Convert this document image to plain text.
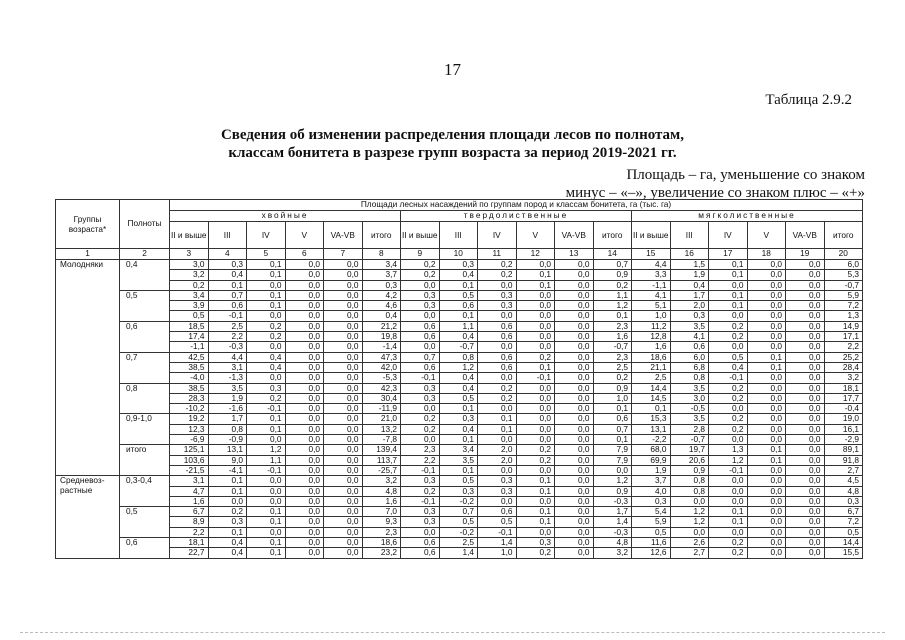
17
Таблица 2.9.2
Сведения об изменении распределения площади лесов по полнотам,
классам бонитета в разрезе групп возраста за период 2019-2021 гг.
Площадь – га, уменьшение со знаком
минус – «–», увеличение со знаком плюс – «+»
Группы возраста*	Полноты	Площади лесных насаждений по группам пород и классам бонитета, га (тыс. га)																	
		хвойные						твердолиственные						мягколиственные					
		II и выше	III	IV	V	VA-VB	итого	II и выше	III	IV	V	VA-VB	итого	II и выше	III	IV	V	VA-VB	итого
1	2	3	4	5	6	7	8	9	10	11	12	13	14	15	16	17	18	19	20
Молодняки	0,4	3,0	0,3	0,1	0,0	0,0	3,4	0,2	0,3	0,2	0,0	0,0	0,7	4,4	1,5	0,1	0,0	0,0	6,0
		3,2	0,4	0,1	0,0	0,0	3,7	0,2	0,4	0,2	0,1	0,0	0,9	3,3	1,9	0,1	0,0	0,0	5,3
		0,2	0,1	0,0	0,0	0,0	0,3	0,0	0,1	0,0	0,1	0,0	0,2	-1,1	0,4	0,0	0,0	0,0	-0,7
	0,5	3,4	0,7	0,1	0,0	0,0	4,2	0,3	0,5	0,3	0,0	0,0	1,1	4,1	1,7	0,1	0,0	0,0	5,9
		3,9	0,6	0,1	0,0	0,0	4,6	0,3	0,6	0,3	0,0	0,0	1,2	5,1	2,0	0,1	0,0	0,0	7,2
		0,5	-0,1	0,0	0,0	0,0	0,4	0,0	0,1	0,0	0,0	0,0	0,1	1,0	0,3	0,0	0,0	0,0	1,3
	0,6	18,5	2,5	0,2	0,0	0,0	21,2	0,6	1,1	0,6	0,0	0,0	2,3	11,2	3,5	0,2	0,0	0,0	14,9
		17,4	2,2	0,2	0,0	0,0	19,8	0,6	0,4	0,6	0,0	0,0	1,6	12,8	4,1	0,2	0,0	0,0	17,1
		-1,1	-0,3	0,0	0,0	0,0	-1,4	0,0	-0,7	0,0	0,0	0,0	-0,7	1,6	0,6	0,0	0,0	0,0	2,2
	0,7	42,5	4,4	0,4	0,0	0,0	47,3	0,7	0,8	0,6	0,2	0,0	2,3	18,6	6,0	0,5	0,1	0,0	25,2
		38,5	3,1	0,4	0,0	0,0	42,0	0,6	1,2	0,6	0,1	0,0	2,5	21,1	6,8	0,4	0,1	0,0	28,4
		-4,0	-1,3	0,0	0,0	0,0	-5,3	-0,1	0,4	0,0	-0,1	0,0	0,2	2,5	0,8	-0,1	0,0	0,0	3,2
	0,8	38,5	3,5	0,3	0,0	0,0	42,3	0,3	0,4	0,2	0,0	0,0	0,9	14,4	3,5	0,2	0,0	0,0	18,1
		28,3	1,9	0,2	0,0	0,0	30,4	0,3	0,5	0,2	0,0	0,0	1,0	14,5	3,0	0,2	0,0	0,0	17,7
		-10,2	-1,6	-0,1	0,0	0,0	-11,9	0,0	0,1	0,0	0,0	0,0	0,1	0,1	-0,5	0,0	0,0	0,0	-0,4
	0,9-1,0	19,2	1,7	0,1	0,0	0,0	21,0	0,2	0,3	0,1	0,0	0,0	0,6	15,3	3,5	0,2	0,0	0,0	19,0
		12,3	0,8	0,1	0,0	0,0	13,2	0,2	0,4	0,1	0,0	0,0	0,7	13,1	2,8	0,2	0,0	0,0	16,1
		-6,9	-0,9	0,0	0,0	0,0	-7,8	0,0	0,1	0,0	0,0	0,0	0,1	-2,2	-0,7	0,0	0,0	0,0	-2,9
	итого	125,1	13,1	1,2	0,0	0,0	139,4	2,3	3,4	2,0	0,2	0,0	7,9	68,0	19,7	1,3	0,1	0,0	89,1
		103,6	9,0	1,1	0,0	0,0	113,7	2,2	3,5	2,0	0,2	0,0	7,9	69,9	20,6	1,2	0,1	0,0	91,8
		-21,5	-4,1	-0,1	0,0	0,0	-25,7	-0,1	0,1	0,0	0,0	0,0	0,0	1,9	0,9	-0,1	0,0	0,0	2,7
Средневоз-растные	0,3-0,4	3,1	0,1	0,0	0,0	0,0	3,2	0,3	0,5	0,3	0,1	0,0	1,2	3,7	0,8	0,0	0,0	0,0	4,5
		4,7	0,1	0,0	0,0	0,0	4,8	0,2	0,3	0,3	0,1	0,0	0,9	4,0	0,8	0,0	0,0	0,0	4,8
		1,6	0,0	0,0	0,0	0,0	1,6	-0,1	-0,2	0,0	0,0	0,0	-0,3	0,3	0,0	0,0	0,0	0,0	0,3
	0,5	6,7	0,2	0,1	0,0	0,0	7,0	0,3	0,7	0,6	0,1	0,0	1,7	5,4	1,2	0,1	0,0	0,0	6,7
		8,9	0,3	0,1	0,0	0,0	9,3	0,3	0,5	0,5	0,1	0,0	1,4	5,9	1,2	0,1	0,0	0,0	7,2
		2,2	0,1	0,0	0,0	0,0	2,3	0,0	-0,2	-0,1	0,0	0,0	-0,3	0,5	0,0	0,0	0,0	0,0	0,5
	0,6	18,1	0,4	0,1	0,0	0,0	18,6	0,6	2,5	1,4	0,3	0,0	4,8	11,6	2,6	0,2	0,0	0,0	14,4
		22,7	0,4	0,1	0,0	0,0	23,2	0,6	1,4	1,0	0,2	0,0	3,2	12,6	2,7	0,2	0,0	0,0	15,5
